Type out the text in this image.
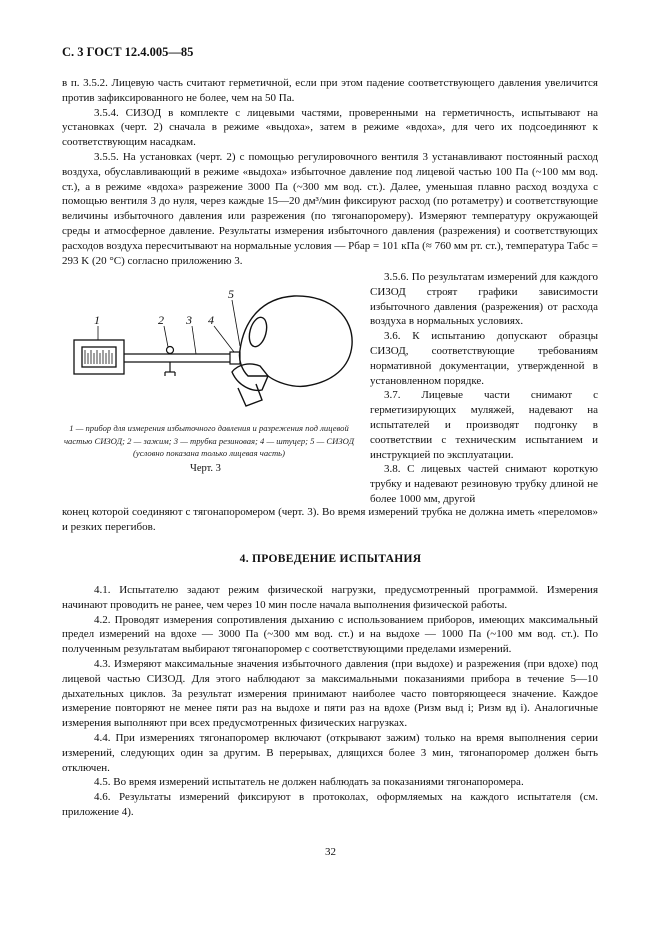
С. 3 ГОСТ 12.4.005—85

в п. 3.5.2. Лицевую часть считают герметичной, если при этом падение соответствующего давления увеличится против зафиксированного не более, чем на 50 Па.

3.5.4. СИЗОД в комплекте с лицевыми частями, проверенными на герметичность, испытывают на установках (черт. 2) сначала в режиме «выдоха», затем в режиме «вдоха», для чего их подсоединяют к соответствующим насадкам.

3.5.5. На установках (черт. 2) с помощью регулировочного вентиля 3 устанавливают постоянный расход воздуха, обуславливающий в режиме «выдоха» избыточное давление под лицевой частью 100 Па (~100 мм вод. ст.), а в режиме «вдоха» разрежение 3000 Па (~300 мм вод. ст.). Далее, уменьшая плавно расход воздуха с помощью вентиля 3 до нуля, через каждые 15—20 дм³/мин фиксируют расход (по ротаметру) и соответствующие величины избыточного давления или разрежения (по тягонапоромеру). Измеряют температуру окружающей среды и атмосферное давление. Результаты измерения избыточного давления (разрежения) и соответствующих расходов воздуха пересчитывают на нормальные условия — Pбар = 101 кПа (≈ 760 мм рт. ст.), температура Tабс = 293 K (20 °С) согласно приложению 3.

1	2 3 4
5
1 — прибор для измерения избыточного давления и разрежения под лицевой частью СИЗОД; 2 — зажим; 3 — трубка резиновая; 4 — штуцер; 5 — СИЗОД (условно показана только лицевая часть)
Черт. 3

3.5.6. По результатам измерений для каждого СИЗОД строят графики зависимости избыточного давления (разрежения) от расхода воздуха в нормальных условиях.

3.6. К испытанию допускают образцы СИЗОД, соответствующие требованиям нормативной документации, утвержденной в установленном порядке.

3.7. Лицевые части снимают с герметизирующих муляжей, надевают на испытателей и производят подгонку в соответствии с техническим испытанием и инструкцией по эксплуатации.

3.8. С лицевых частей снимают короткую трубку и надевают резиновую трубку длиной не более 1000 мм, другой

конец которой соединяют с тягонапоромером (черт. 3). Во время измерений трубка не должна иметь «переломов» и резких перегибов.

4. ПРОВЕДЕНИЕ ИСПЫТАНИЯ

4.1. Испытателю задают режим физической нагрузки, предусмотренный программой. Измерения начинают проводить не ранее, чем через 10 мин после начала выполнения физической работы.

4.2. Проводят измерения сопротивления дыханию с использованием приборов, имеющих максимальный предел измерений на вдохе — 3000 Па (~300 мм вод. ст.) и на выдохе — 1000 Па (~100 мм вод. ст.). По полученным результатам выбирают тягонапоромер с соответствующими пределами измерений.

4.3. Измеряют максимальные значения избыточного давления (при выдохе) и разрежения (при вдохе) под лицевой частью СИЗОД. Для этого наблюдают за максимальными показаниями прибора в течение 5—10 дыхательных циклов. За результат измерения принимают наиболее часто повторяющееся значение. Каждое измерение повторяют не менее пяти раз на выдохе и пяти раз на вдохе (Pизм выд i; Pизм вд i). Аналогичные измерения выполняют при всех предусмотренных физических нагрузках.

4.4. При измерениях тягонапоромер включают (открывают зажим) только на время выполнения серии измерений, следующих один за другим. В перерывах, длящихся более 3 мин, тягонапоромер должен быть отключен.

4.5. Во время измерений испытатель не должен наблюдать за показаниями тягонапоромера.

4.6. Результаты измерений фиксируют в протоколах, оформляемых на каждого испытателя (см. приложение 4).

32
